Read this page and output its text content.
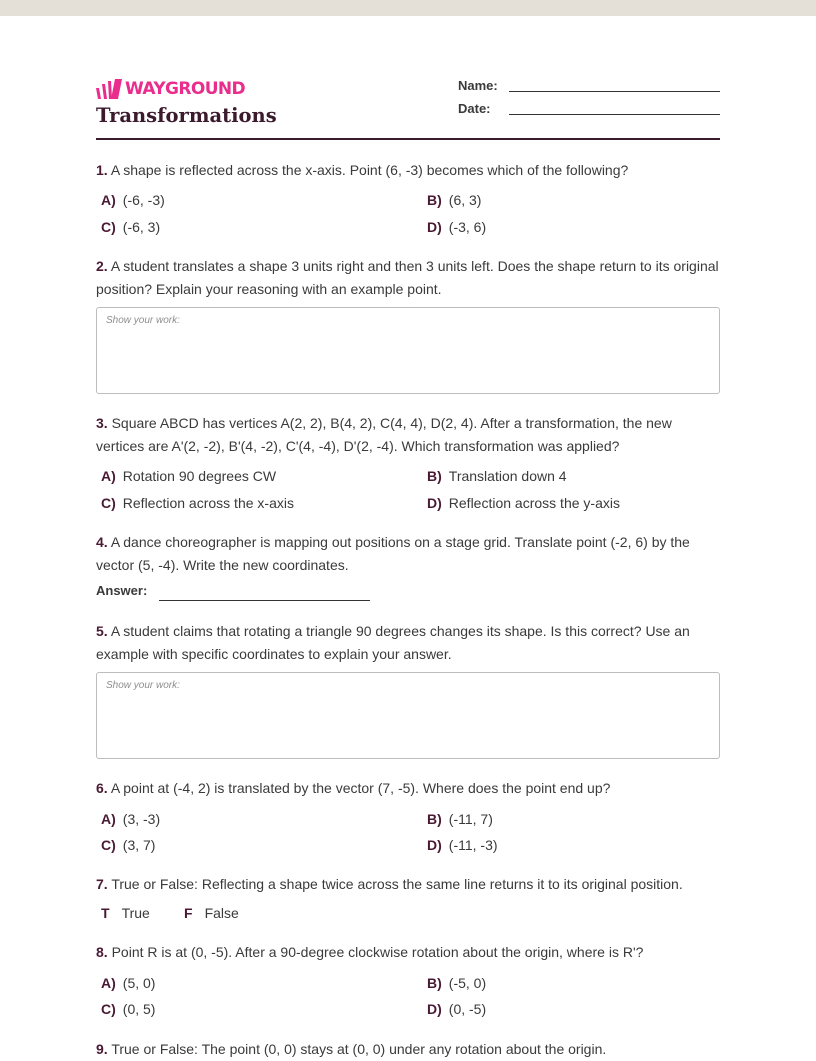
WAYGROUND
Transformations
Name:
Date:

1. A shape is reflected across the x-axis. Point (6, -3) becomes which of the following?

A) (-6, -3)	B) (6, 3)
C) (-6, 3)	D) (-3, 6)

2. A student translates a shape 3 units right and then 3 units left. Does the shape return to its original position? Explain your reasoning with an example point.

Show your work:

3. Square ABCD has vertices A(2, 2), B(4, 2), C(4, 4), D(2, 4). After a transformation, the new vertices are A'(2, -2), B'(4, -2), C'(4, -4), D'(2, -4). Which transformation was applied?

A) Rotation 90 degrees CW	B) Translation down 4
C) Reflection across the x-axis	D) Reflection across the y-axis

4. A dance choreographer is mapping out positions on a stage grid. Translate point (-2, 6) by the vector (5, -4). Write the new coordinates.

Answer:

5. A student claims that rotating a triangle 90 degrees changes its shape. Is this correct? Use an example with specific coordinates to explain your answer.

Show your work:

6. A point at (-4, 2) is translated by the vector (7, -5). Where does the point end up?

A) (3, -3)	B) (-11, 7)
C) (3, 7)	D) (-11, -3)

7. True or False: Reflecting a shape twice across the same line returns it to its original position.

T True F False

8. Point R is at (0, -5). After a 90-degree clockwise rotation about the origin, where is R'?

A) (5, 0)	B) (-5, 0)
C) (0, 5)	D) (0, -5)

9. True or False: The point (0, 0) stays at (0, 0) under any rotation about the origin.
